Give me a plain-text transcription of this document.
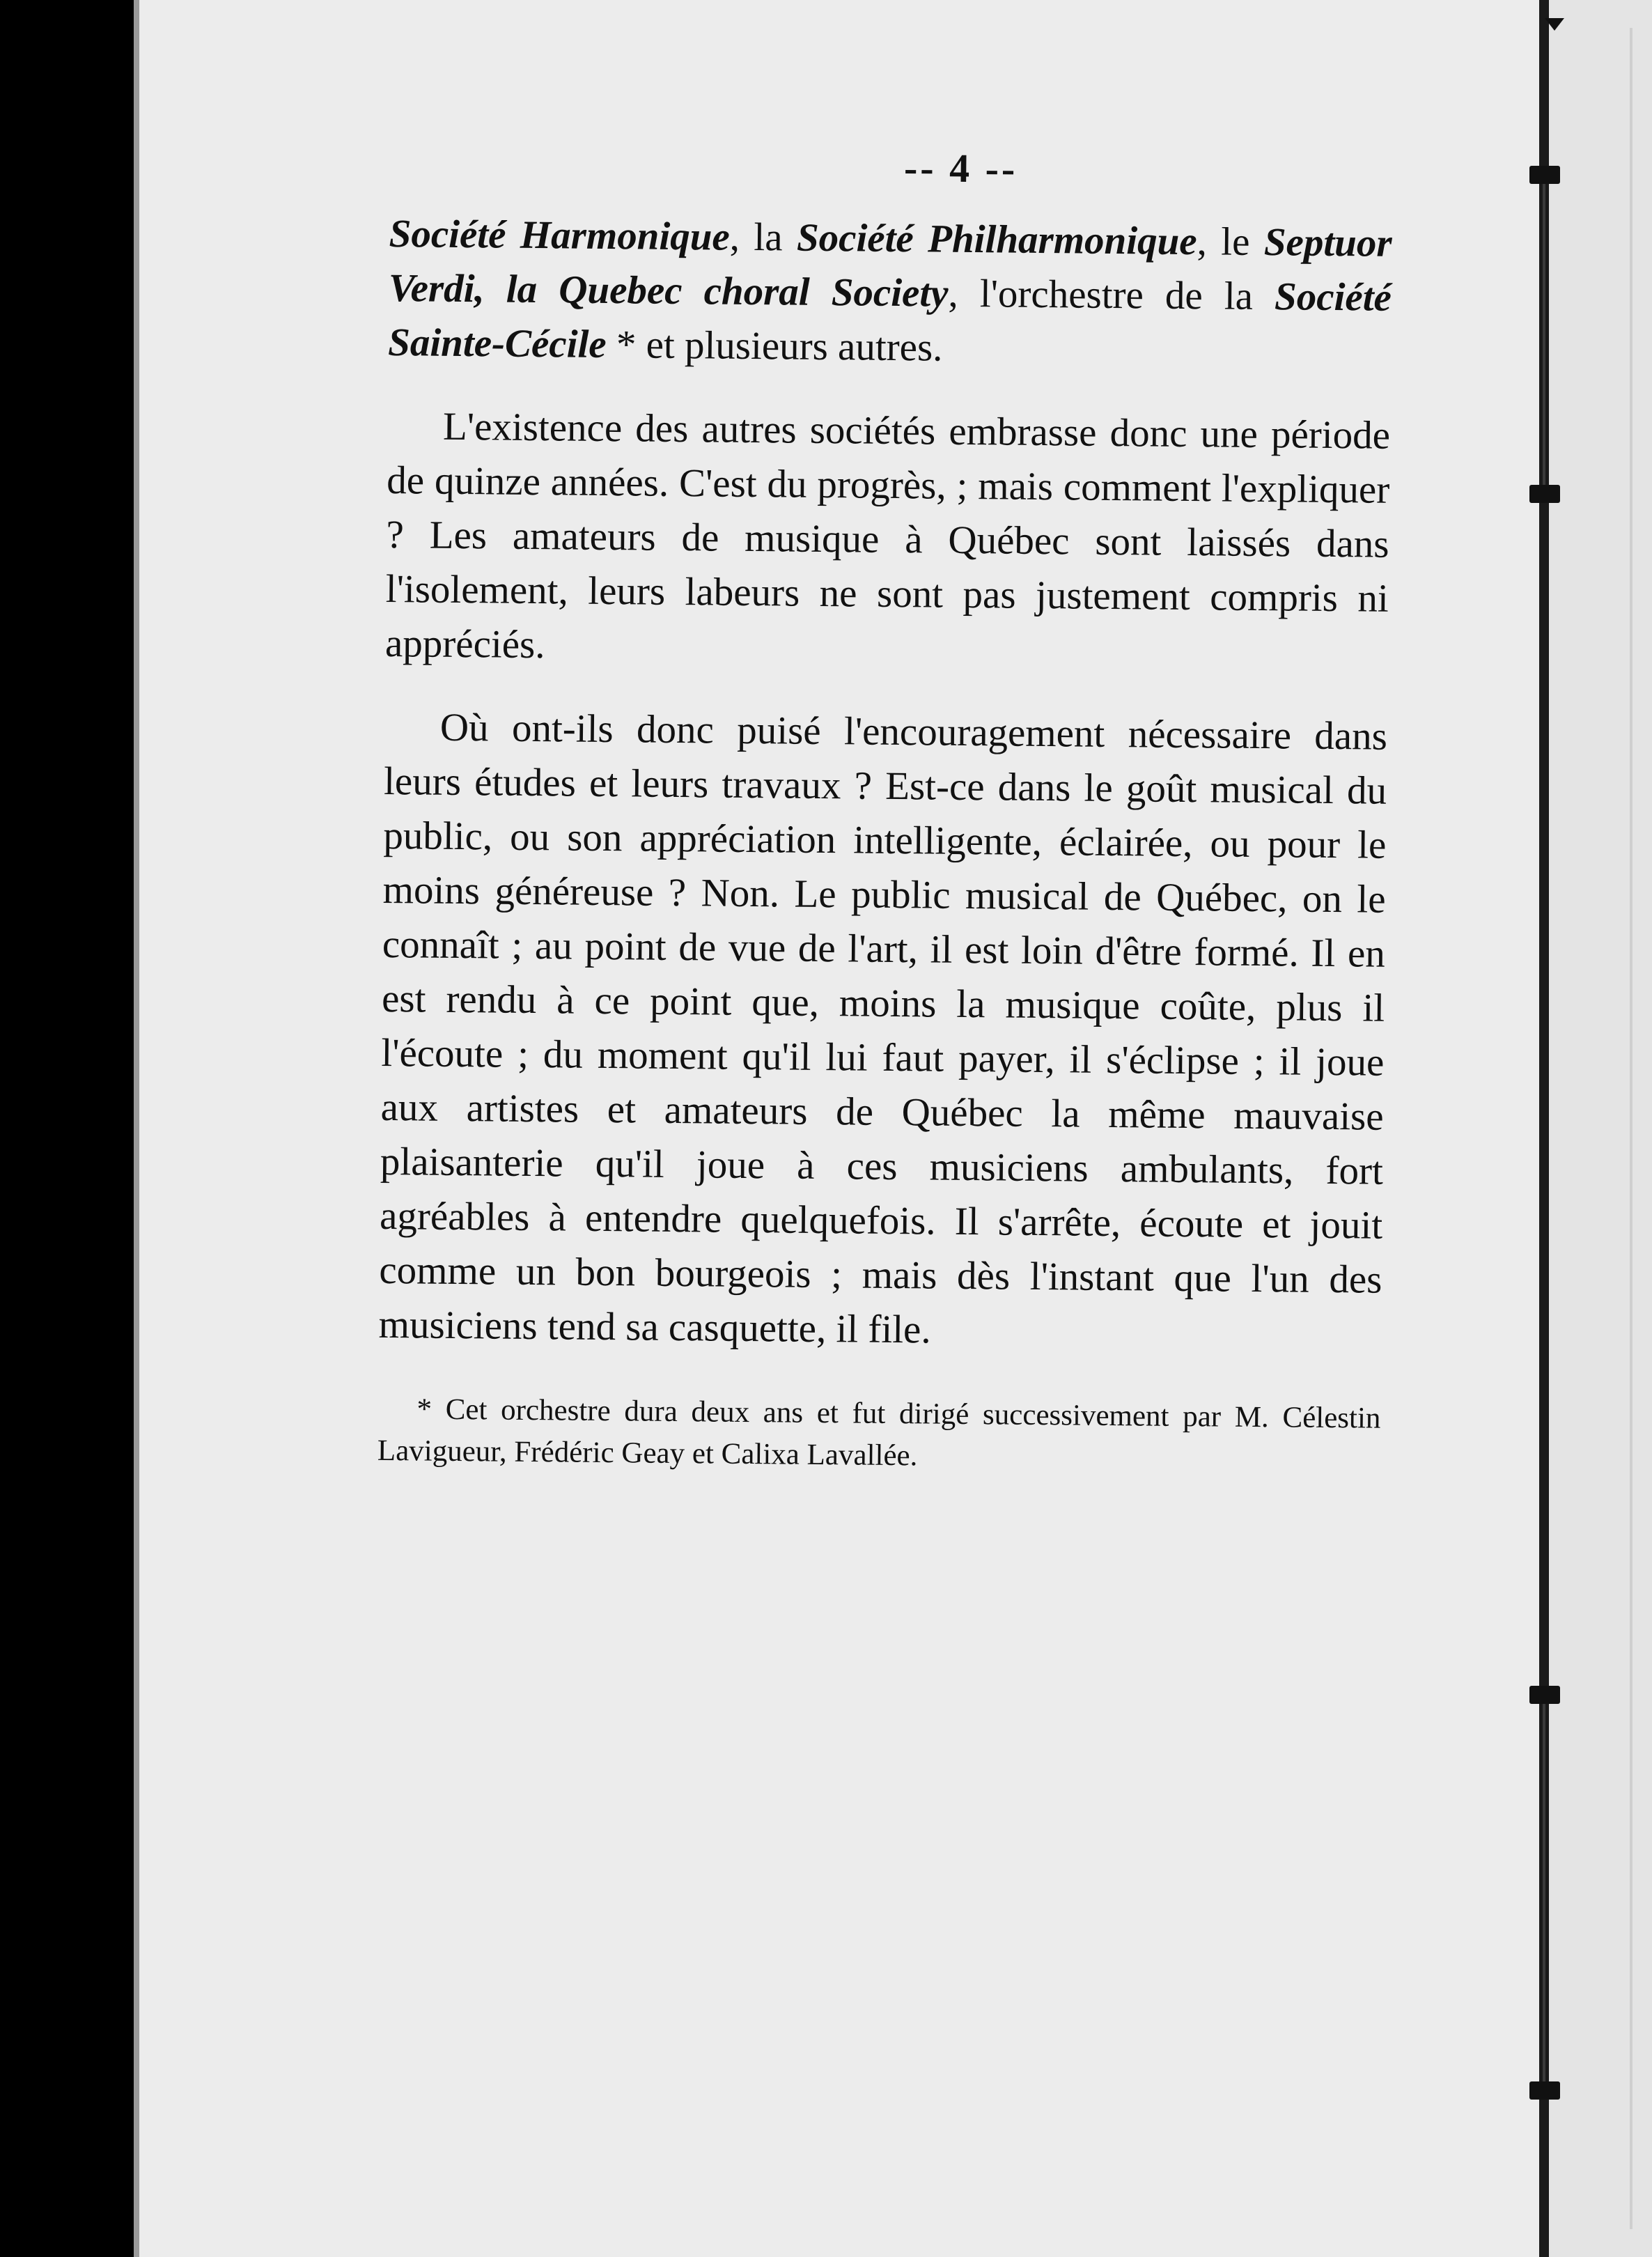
-- 4 --

Société Harmonique, la Société Philharmonique, le Septuor Verdi, la Quebec choral Society, l'orchestre de la Société Sainte-Cécile * et plusieurs autres.

L'existence des autres sociétés embrasse donc une période de quinze années. C'est du progrès, ; mais comment l'expliquer ? Les amateurs de musique à Québec sont laissés dans l'isolement, leurs labeurs ne sont pas justement compris ni appréciés.

Où ont-ils donc puisé l'encouragement nécessaire dans leurs études et leurs travaux ? Est-ce dans le goût musical du public, ou son appréciation intelligente, éclairée, ou pour le moins généreuse ? Non. Le public musical de Québec, on le connaît ; au point de vue de l'art, il est loin d'être formé. Il en est rendu à ce point que, moins la musique coûte, plus il l'écoute ; du moment qu'il lui faut payer, il s'éclipse ; il joue aux artistes et amateurs de Québec la même mauvaise plaisanterie qu'il joue à ces musiciens ambulants, fort agréables à entendre quelquefois. Il s'arrête, écoute et jouit comme un bon bourgeois ; mais dès l'instant que l'un des musiciens tend sa casquette, il file.

* Cet orchestre dura deux ans et fut dirigé successivement par M. Célestin Lavigueur, Frédéric Geay et Calixa Lavallée.
